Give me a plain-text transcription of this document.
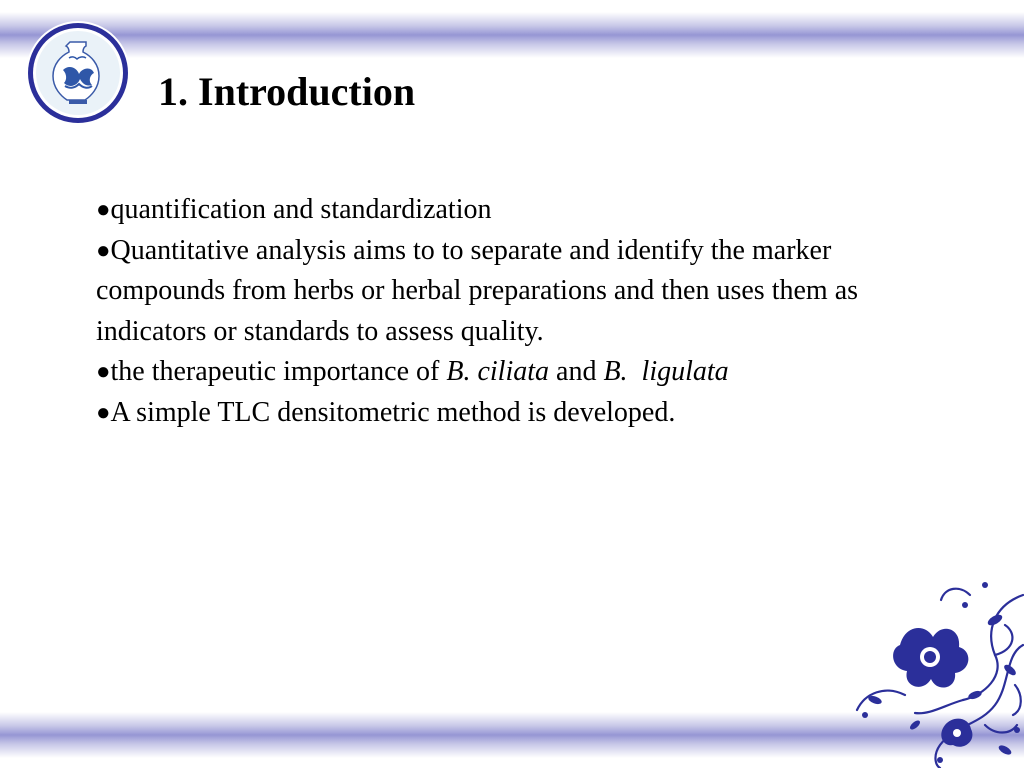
1. Introduction

●quantification and standardization

●Quantitative analysis aims to to separate and identify the marker compounds from herbs or herbal preparations and then uses them as indicators or standards to assess quality.

●the therapeutic importance of B. ciliata and B.  ligulata

●A simple TLC densitometric method is developed.
